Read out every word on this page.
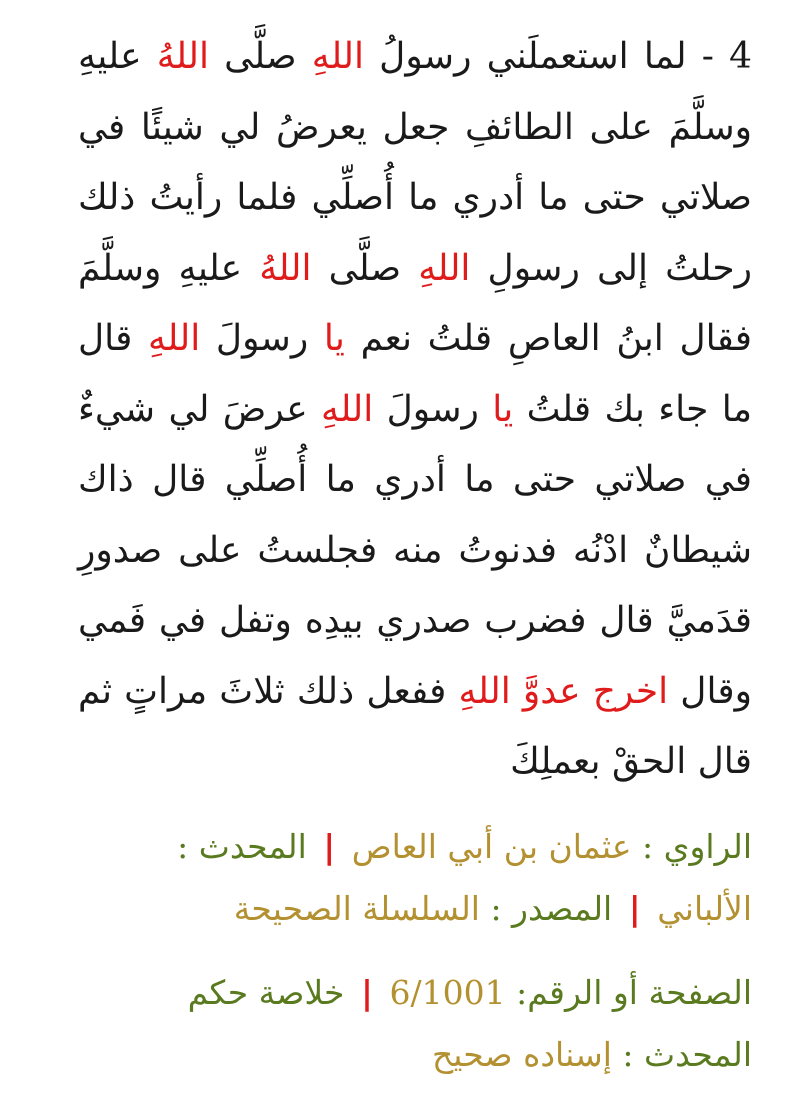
4 - لما استعملَني رسولُ اللهِ صلَّى اللهُ عليهِ وسلَّمَ على الطائفِ جعل يعرضُ لي شيئًا في صلاتي حتى ما أدري ما أُصلِّي فلما رأيتُ ذلك رحلتُ إلى رسولِ اللهِ صلَّى اللهُ عليهِ وسلَّمَ فقال ابنُ العاصِ قلتُ نعم يا رسولَ اللهِ قال ما جاء بك قلتُ يا رسولَ اللهِ عرضَ لي شيءٌ في صلاتي حتى ما أدري ما أُصلِّي قال ذاك شيطانٌ ادْنُه فدنوتُ منه فجلستُ على صدورِ قدَميَّ قال فضرب صدري بيدِه وتفل في فَمي وقال اخرج عدوَّ اللهِ ففعل ذلك ثلاثَ مراتٍ ثم قال الحقْ بعملِكَ

الراوي : عثمان بن أبي العاص | المحدث : الألباني | المصدر : السلسلة الصحيحة
الصفحة أو الرقم: 6/1001 | خلاصة حكم المحدث : إسناده صحيح
